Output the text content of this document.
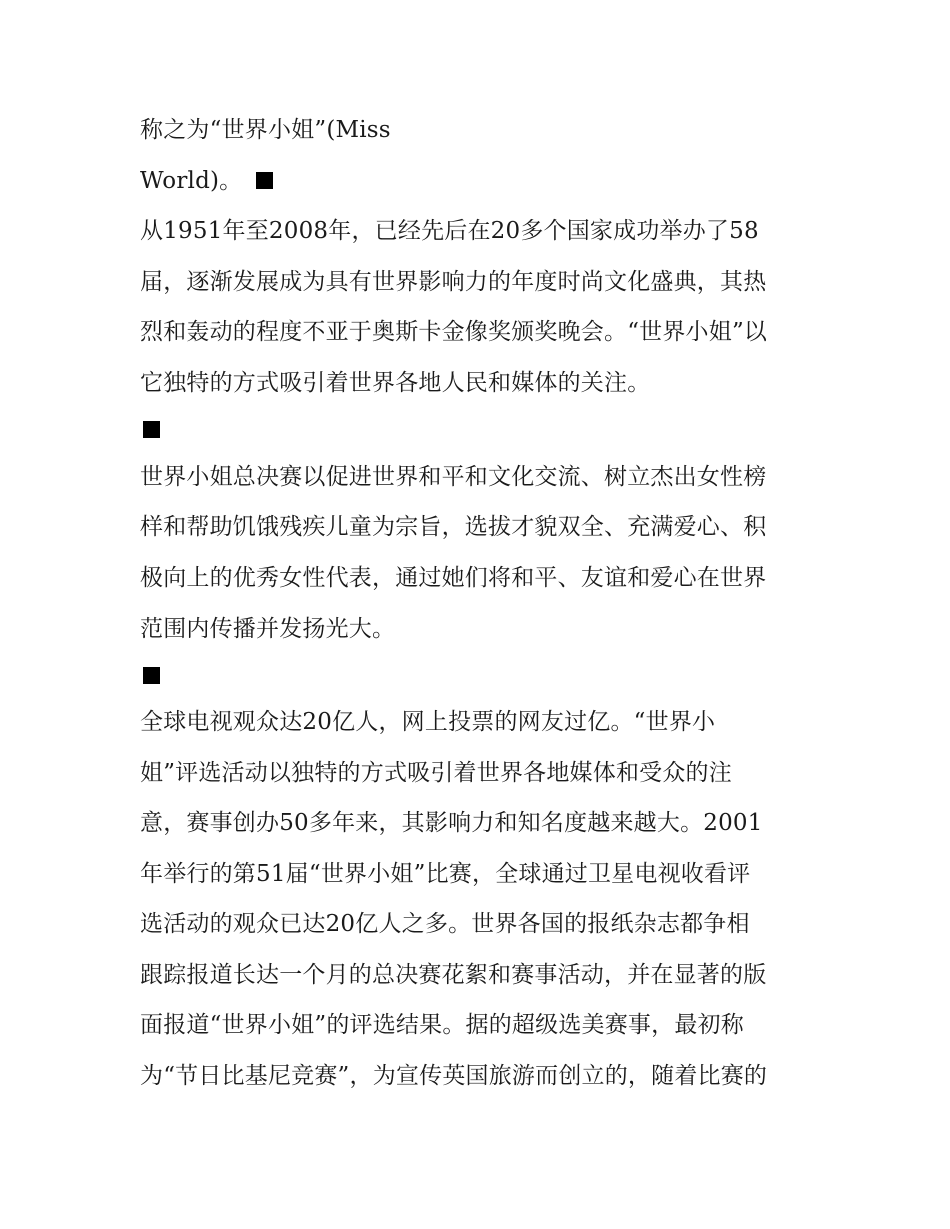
称之为“世界小姐”(Miss
World)。
从1951年至2008年，已经先后在20多个国家成功举办了58
届，逐渐发展成为具有世界影响力的年度时尚文化盛典，其热
烈和轰动的程度不亚于奥斯卡金像奖颁奖晚会。“世界小姐”以
它独特的方式吸引着世界各地人民和媒体的关注。
世界小姐总决赛以促进世界和平和文化交流、树立杰出女性榜
样和帮助饥饿残疾儿童为宗旨，选拔才貌双全、充满爱心、积
极向上的优秀女性代表，通过她们将和平、友谊和爱心在世界
范围内传播并发扬光大。
全球电视观众达20亿人，网上投票的网友过亿。“世界小
姐”评选活动以独特的方式吸引着世界各地媒体和受众的注
意，赛事创办50多年来，其影响力和知名度越来越大。2001
年举行的第51届“世界小姐”比赛，全球通过卫星电视收看评
选活动的观众已达20亿人之多。世界各国的报纸杂志都争相
跟踪报道长达一个月的总决赛花絮和赛事活动，并在显著的版
面报道“世界小姐”的评选结果。据的超级选美赛事，最初称
为“节日比基尼竞赛”，为宣传英国旅游而创立的，随着比赛的
